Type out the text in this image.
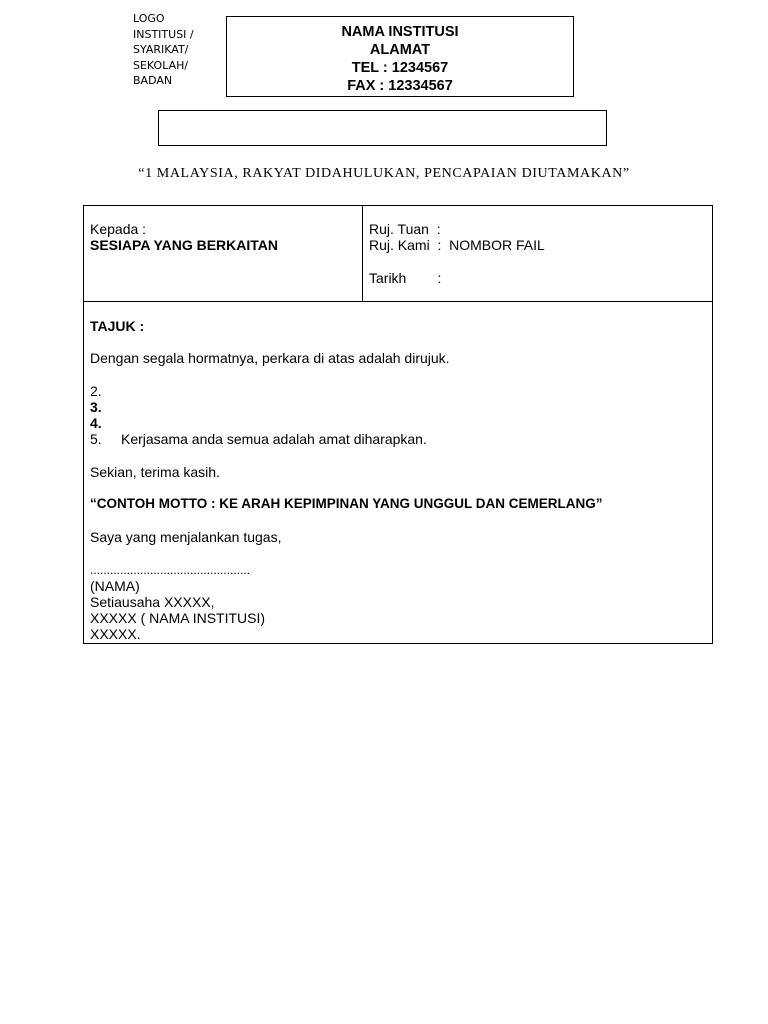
LOGO
INSTITUSI /
SYARIKAT/
SEKOLAH/
BADAN
NAMA INSTITUSI
ALAMAT
TEL : 1234567
FAX : 12334567
“1 MALAYSIA, RAKYAT DIDAHULUKAN, PENCAPAIAN DIUTAMAKAN”
Kepada :
SESIAPA YANG BERKAITAN
Ruj. Tuan  :
Ruj. Kami  :  NOMBOR FAIL
Tarikh        :
TAJUK :
Dengan segala hormatnya, perkara di atas adalah dirujuk.
2.
3.
4.
5. Kerjasama anda semua adalah amat diharapkan.
Sekian, terima kasih.
“CONTOH MOTTO : KE ARAH KEPIMPINAN YANG UNGGUL DAN CEMERLANG”
Saya yang menjalankan tugas,
................................................
(NAMA)
Setiausaha XXXXX,
XXXXX ( NAMA INSTITUSI)
XXXXX.
